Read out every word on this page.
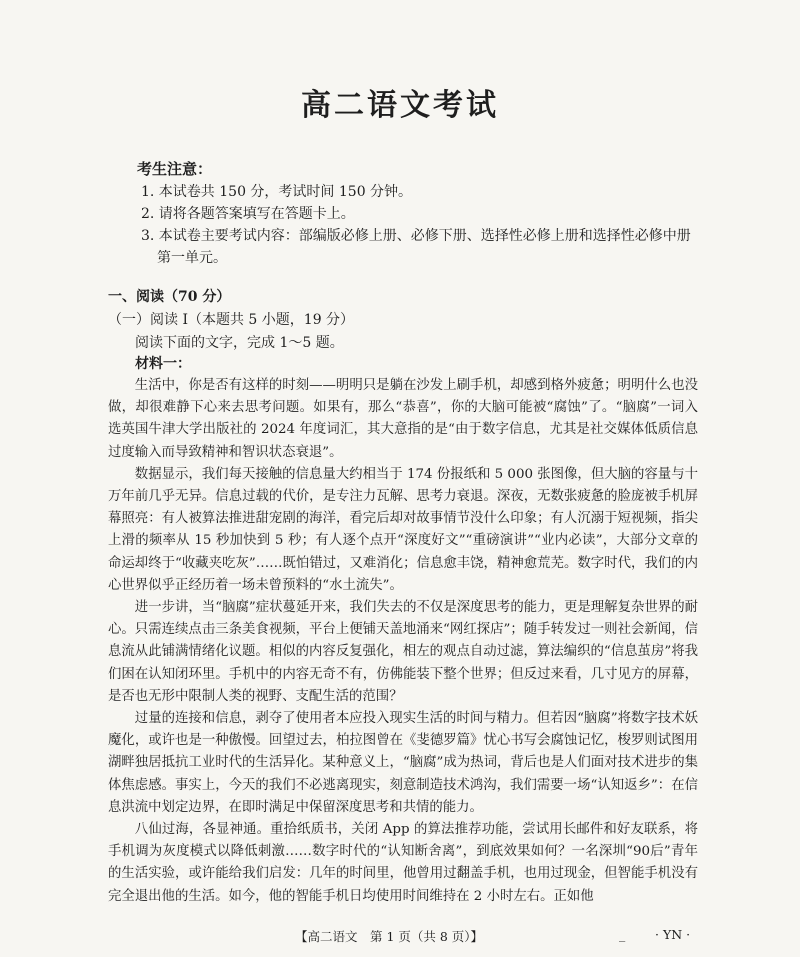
高二语文考试
考生注意：
1. 本试卷共 150 分，考试时间 150 分钟。
2. 请将各题答案填写在答题卡上。
3. 本试卷主要考试内容：部编版必修上册、必修下册、选择性必修上册和选择性必修中册
第一单元。
一、阅读（70 分）
（一）阅读 Ⅰ（本题共 5 小题，19 分）
阅读下面的文字，完成 1～5 题。
材料一：

生活中，你是否有这样的时刻——明明只是躺在沙发上刷手机，却感到格外疲惫；明明什么也没做，却很难静下心来去思考问题。如果有，那么“恭喜”，你的大脑可能被“腐蚀”了。“脑腐”一词入选英国牛津大学出版社的 2024 年度词汇，其大意指的是“由于数字信息，尤其是社交媒体低质信息过度输入而导致精神和智识状态衰退”。

数据显示，我们每天接触的信息量大约相当于 174 份报纸和 5 000 张图像，但大脑的容量与十万年前几乎无异。信息过载的代价，是专注力瓦解、思考力衰退。深夜，无数张疲惫的脸庞被手机屏幕照亮：有人被算法推进甜宠剧的海洋，看完后却对故事情节没什么印象；有人沉溺于短视频，指尖上滑的频率从 15 秒加快到 5 秒；有人逐个点开“深度好文”“重磅演讲”“业内必读”，大部分文章的命运却终于“收藏夹吃灰”……既怕错过，又难消化；信息愈丰饶，精神愈荒芜。数字时代，我们的内心世界似乎正经历着一场未曾预料的“水土流失”。

进一步讲，当“脑腐”症状蔓延开来，我们失去的不仅是深度思考的能力，更是理解复杂世界的耐心。只需连续点击三条美食视频，平台上便铺天盖地涌来“网红探店”；随手转发过一则社会新闻，信息流从此铺满情绪化议题。相似的内容反复强化，相左的观点自动过滤，算法编织的“信息茧房”将我们困在认知闭环里。手机中的内容无奇不有，仿佛能装下整个世界；但反过来看，几寸见方的屏幕，是否也无形中限制人类的视野、支配生活的范围？

过量的连接和信息，剥夺了使用者本应投入现实生活的时间与精力。但若因“脑腐”将数字技术妖魔化，或许也是一种傲慢。回望过去，柏拉图曾在《斐德罗篇》忧心书写会腐蚀记忆，梭罗则试图用湖畔独居抵抗工业时代的生活异化。某种意义上，“脑腐”成为热词，背后也是人们面对技术进步的集体焦虑感。事实上，今天的我们不必逃离现实，刻意制造技术鸿沟，我们需要一场“认知返乡”：在信息洪流中划定边界，在即时满足中保留深度思考和共情的能力。

八仙过海，各显神通。重拾纸质书，关闭 App 的算法推荐功能，尝试用长邮件和好友联系，将手机调为灰度模式以降低刺激……数字时代的“认知断舍离”，到底效果如何？一名深圳“90后”青年的生活实验，或许能给我们启发：几年的时间里，他曾用过翻盖手机，也用过现金，但智能手机没有完全退出他的生活。如今，他的智能手机日均使用时间维持在 2 小时左右。正如他

【高二语文　第 1 页（共 8 页）】	_ · YN ·
